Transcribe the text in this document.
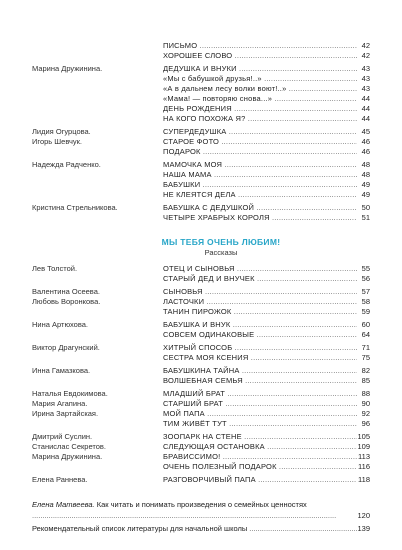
ПИСЬМО .....	42
ХОРОШЕЕ СЛОВО .....	42
Марина Дружинина.	ДЕДУШКА И ВНУКИ .....	43
«Мы с бабушкой друзья!..» .....	43
«А в дальнем лесу волки воют!..» .....	43
«Мама! — повторяю снова...» .....	44
ДЕНЬ РОЖДЕНИЯ .....	44
НА КОГО ПОХОЖА Я? .....	44
Лидия Огурцова.	СУПЕРДЕДУШКА .....	45
Игорь Шевчук.	СТАРОЕ ФОТО .....	46
ПОДАРОК .....	46
Надежда Радченко.	МАМОЧКА МОЯ .....	48
НАША МАМА .....	48
БАБУШКИ .....	49
НЕ КЛЕЯТСЯ ДЕЛА .....	49
Кристина Стрельникова.	БАБУШКА С ДЕДУШКОЙ .....	50
ЧЕТЫРЕ ХРАБРЫХ КОРОЛЯ .....	51
МЫ ТЕБЯ ОЧЕНЬ ЛЮБИМ!
Рассказы
Лев Толстой.	ОТЕЦ И СЫНОВЬЯ .....	55
СТАРЫЙ ДЕД И ВНУЧЕК .....	56
Валентина Осеева.	СЫНОВЬЯ .....	57
Любовь Воронкова.	ЛАСТОЧКИ .....	58
ТАНИН ПИРОЖОК .....	59
Нина Артюхова.	БАБУШКА И ВНУК .....	60
СОВСЕМ ОДИНАКОВЫЕ .....	64
Виктор Драгунский.	ХИТРЫЙ СПОСОБ .....	71
СЕСТРА МОЯ КСЕНИЯ .....	75
Инна Гамазкова.	БАБУШКИНА ТАЙНА .....	82
ВОЛШЕБНАЯ СЕМЬЯ .....	85
Наталья Евдокимова.	МЛАДШИЙ БРАТ .....	88
Мария Агапина.	СТАРШИЙ БРАТ .....	90
Ирина Зартайская.	МОЙ ПАПА .....	92
ТИМ ЖИВЁТ ТУТ .....	96
Дмитрий Суслин.	ЗООПАРК НА СТЕНЕ .....	105
Станислас Секретов.	СЛЕДУЮЩАЯ ОСТАНОВКА .....	109
Марина Дружинина.	БРАВИССИМО! .....	113
ОЧЕНЬ ПОЛЕЗНЫЙ ПОДАРОК .....	116
Елена Раннева.	РАЗГОВОРЧИВЫЙ ПАПА .....	118
Елена Матвеева. Как читать и понимать произведения о семейных ценностях .....
120
Рекомендательный список литературы для начальной школы .....	139
